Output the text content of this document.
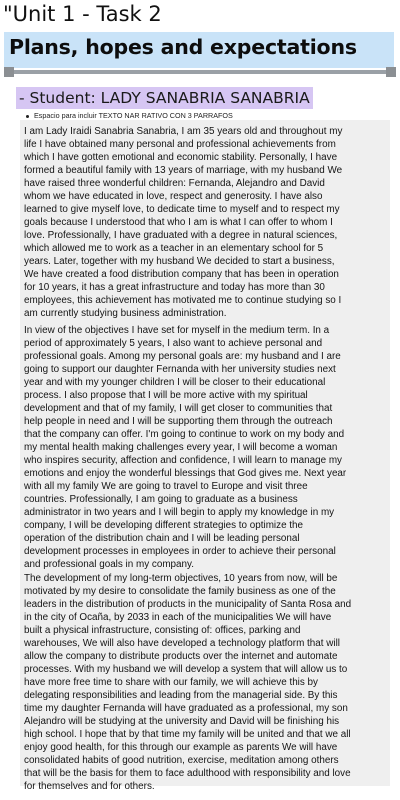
"Unit 1 - Task 2
Plans, hopes and expectations
- Student: LADY SANABRIA SANABRIA
Espacio para incluir TEXTO NAR RATIVO CON 3 PARRAFOS

I am Lady Iraidi Sanabria Sanabria, I am 35 years old and throughout my
life I have obtained many personal and professional achievements from
which I have gotten emotional and economic stability. Personally, I have
formed a beautiful family with 13 years of marriage, with my husband We
have raised three wonderful children: Fernanda, Alejandro and David
whom we have educated in love, respect and generosity. I have also
learned to give myself love, to dedicate time to myself and to respect my
goals because I understood that who I am is what I can offer to whom I
love. Professionally, I have graduated with a degree in natural sciences,
which allowed me to work as a teacher in an elementary school for 5
years. Later, together with my husband We decided to start a business,
We have created a food distribution company that has been in operation
for 10 years, it has a great infrastructure and today has more than 30
employees, this achievement has motivated me to continue studying so I
am currently studying business administration.

In view of the objectives I have set for myself in the medium term. In a
period of approximately 5 years, I also want to achieve personal and
professional goals. Among my personal goals are: my husband and I are
going to support our daughter Fernanda with her university studies next
year and with my younger children I will be closer to their educational
process. I also propose that I will be more active with my spiritual
development and that of my family, I will get closer to communities that
help people in need and I will be supporting them through the outreach
that the company can offer. I'm going to continue to work on my body and
my mental health making challenges every year, I will become a woman
who inspires security, affection and confidence, I will learn to manage my
emotions and enjoy the wonderful blessings that God gives me. Next year
with all my family We are going to travel to Europe and visit three
countries. Professionally, I am going to graduate as a business
administrator in two years and I will begin to apply my knowledge in my
company, I will be developing different strategies to optimize the
operation of the distribution chain and I will be leading personal
development processes in employees in order to achieve their personal
and professional goals in my company.

The development of my long-term objectives, 10 years from now, will be
motivated by my desire to consolidate the family business as one of the
leaders in the distribution of products in the municipality of Santa Rosa and
in the city of Ocaña, by 2033 in each of the municipalities We will have
built a physical infrastructure, consisting of: offices, parking and
warehouses, We will also have developed a technology platform that will
allow the company to distribute products over the internet and automate
processes. With my husband we will develop a system that will allow us to
have more free time to share with our family, we will achieve this by
delegating responsibilities and leading from the managerial side. By this
time my daughter Fernanda will have graduated as a professional, my son
Alejandro will be studying at the university and David will be finishing his
high school. I hope that by that time my family will be united and that we all
enjoy good health, for this through our example as parents We will have
consolidated habits of good nutrition, exercise, meditation among others
that will be the basis for them to face adulthood with responsibility and love
for themselves and for others.
